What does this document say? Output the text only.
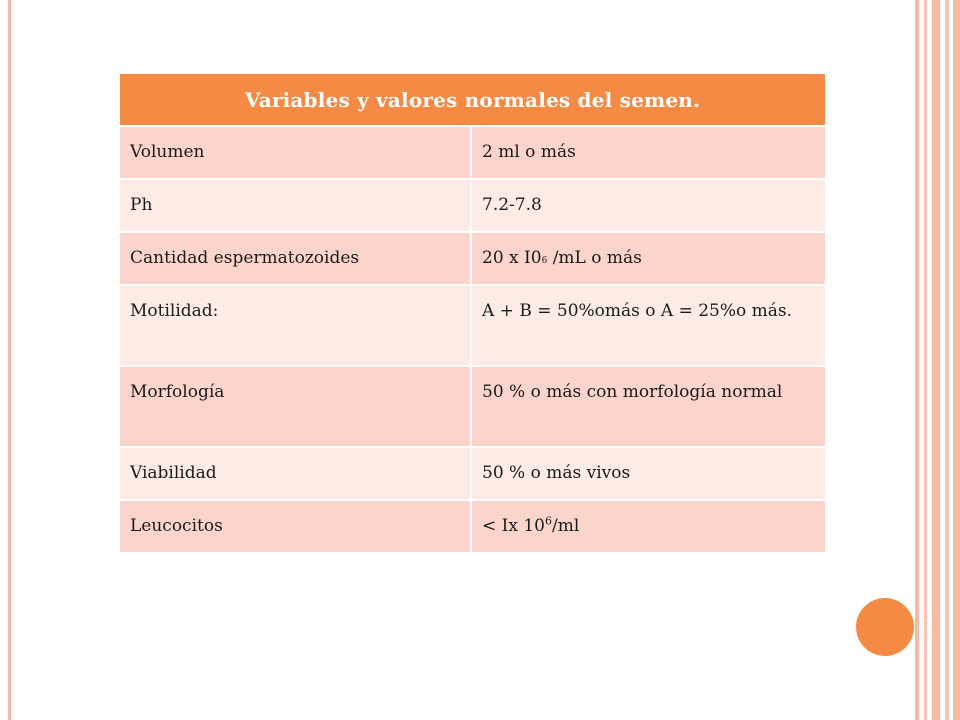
Variables y valores normales del semen.	
Volumen	2 ml o más
Ph	7.2-7.8
Cantidad espermatozoides	20 x I06 /mL o más
Motilidad:	A + B = 50%omás o A = 25%o más.
Morfología	50 % o más con morfología normal
Viabilidad	50 % o más vivos
Leucocitos	< Ix $10^6/ml$
